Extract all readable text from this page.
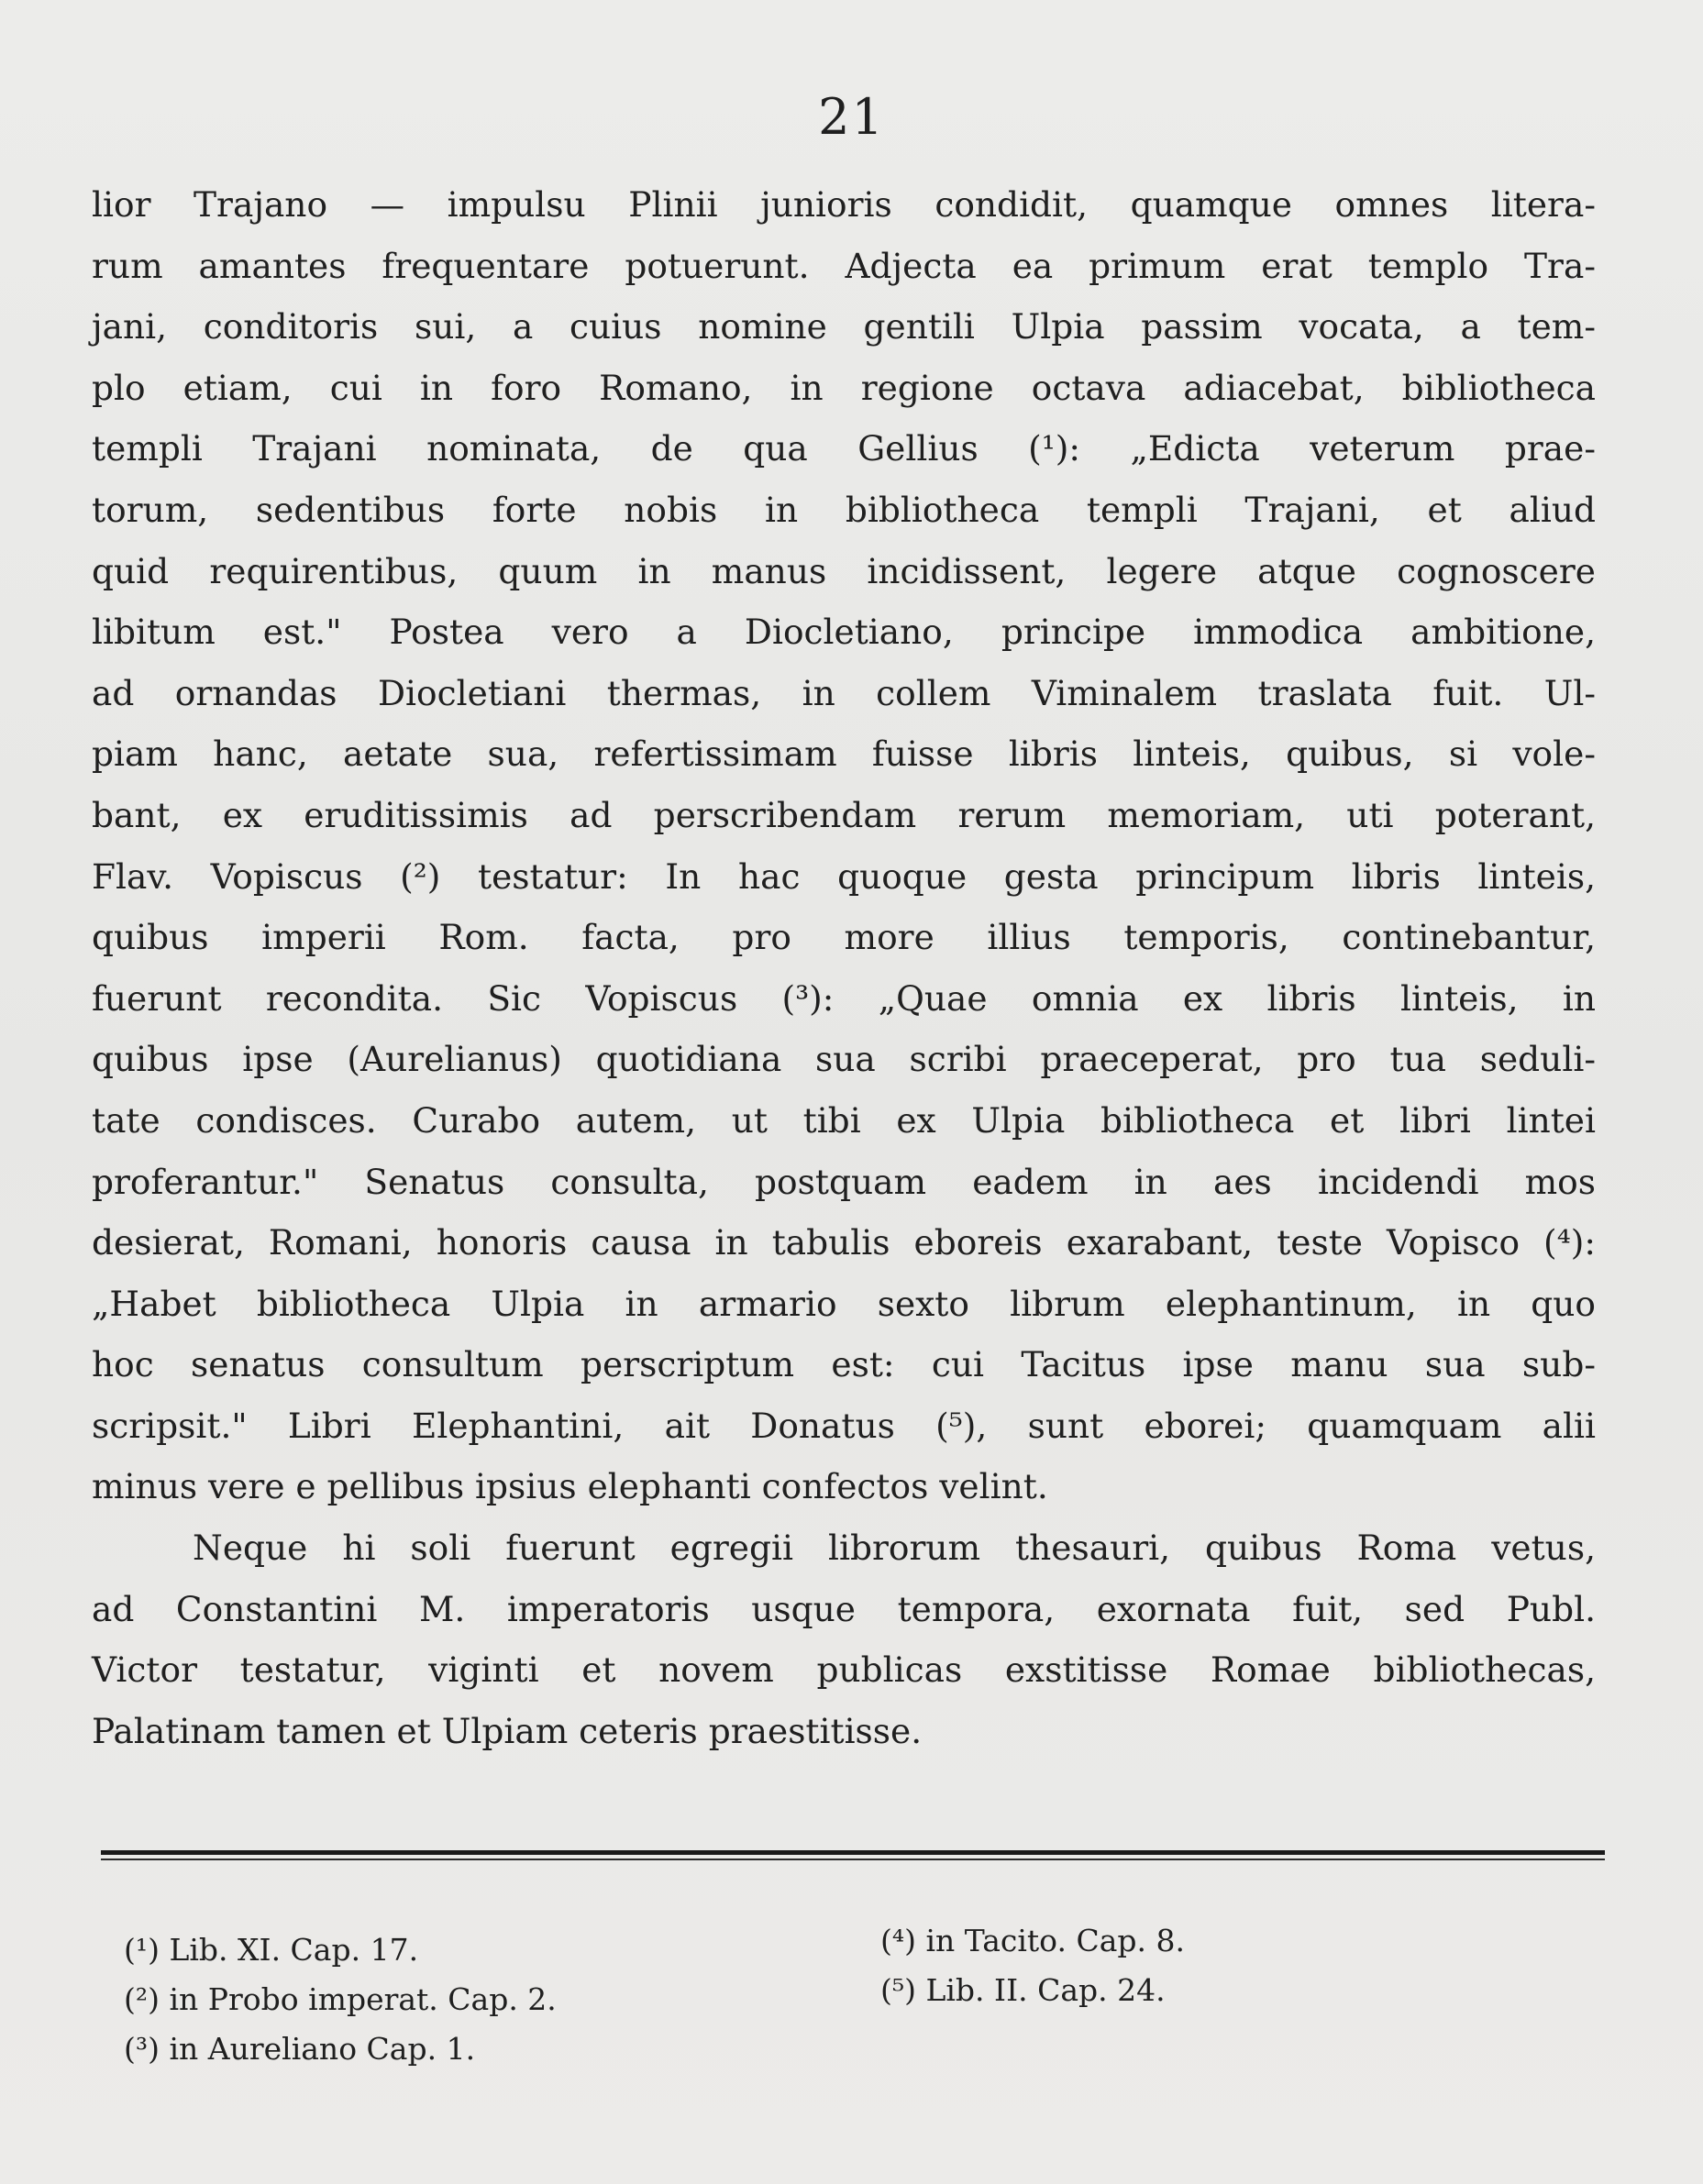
21
lior Trajano — impulsu Plinii junioris condidit, quamque omnes litera-
rum amantes frequentare potuerunt. Adjecta ea primum erat templo Tra-
jani, conditoris sui, a cuius nomine gentili Ulpia passim vocata, a tem-
plo etiam, cui in foro Romano, in regione octava adiacebat, bibliotheca
templi Trajani nominata, de qua Gellius (¹): „Edicta veterum prae-
torum, sedentibus forte nobis in bibliotheca templi Trajani, et aliud
quid requirentibus, quum in manus incidissent, legere atque cognoscere
libitum est." Postea vero a Diocletiano, principe immodica ambitione,
ad ornandas Diocletiani thermas, in collem Viminalem traslata fuit. Ul-
piam hanc, aetate sua, refertissimam fuisse libris linteis, quibus, si vole-
bant, ex eruditissimis ad perscribendam rerum memoriam, uti poterant,
Flav. Vopiscus (²) testatur: In hac quoque gesta principum libris linteis,
quibus imperii Rom. facta, pro more illius temporis, continebantur,
fuerunt recondita. Sic Vopiscus (³): „Quae omnia ex libris linteis, in
quibus ipse (Aurelianus) quotidiana sua scribi praeceperat, pro tua seduli-
tate condisces. Curabo autem, ut tibi ex Ulpia bibliotheca et libri lintei
proferantur." Senatus consulta, postquam eadem in aes incidendi mos
desierat, Romani, honoris causa in tabulis eboreis exarabant, teste Vopisco (⁴):
„Habet bibliotheca Ulpia in armario sexto librum elephantinum, in quo
hoc senatus consultum perscriptum est: cui Tacitus ipse manu sua sub-
scripsit." Libri Elephantini, ait Donatus (⁵), sunt eborei; quamquam alii
minus vere e pellibus ipsius elephanti confectos velint.
Neque hi soli fuerunt egregii librorum thesauri, quibus Roma vetus,
ad Constantini M. imperatoris usque tempora, exornata fuit, sed Publ.
Victor testatur, viginti et novem publicas exstitisse Romae bibliothecas,
Palatinam tamen et Ulpiam ceteris praestitisse.
(¹) Lib. XI. Cap. 17.
(²) in Probo imperat. Cap. 2.
(³) in Aureliano Cap. 1.
(⁴) in Tacito. Cap. 8.
(⁵) Lib. II. Cap. 24.
